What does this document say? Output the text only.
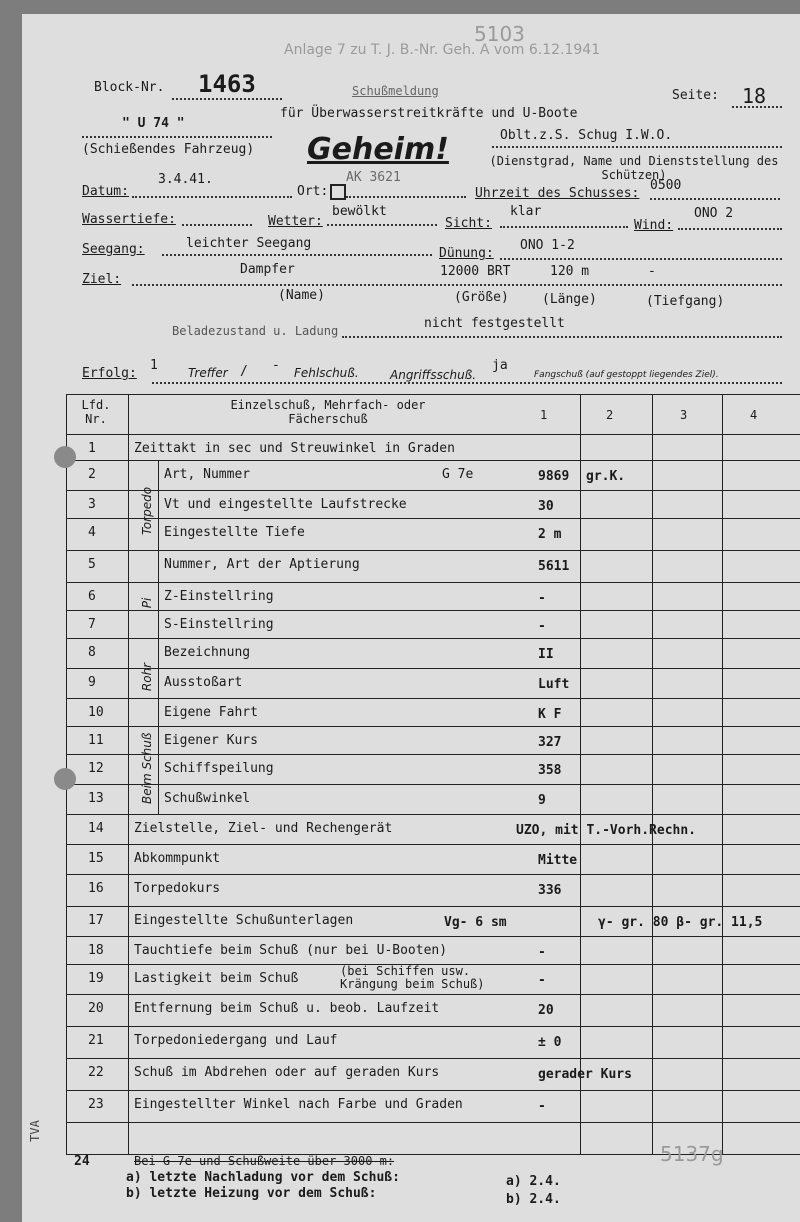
Anlage 7 zu T. J. B.-Nr. Geh. A vom 6.12.1941
5103
Block-Nr. 1463	Schußmeldung
für Überwasserstreitkräfte und U-Boote
Seite: 18
" U 74 "
(Schießendes Fahrzeug) Geheim!	Oblt.z.S. Schug I.W.O.
(Dienstgrad, Name und Dienststellung des Schützen)
Datum:
3.4.41.
Ort:
AK 3621
Uhrzeit des Schusses:
0500
Wassertiefe:	Wetter:
bewölkt
Sicht:
klar
Wind:
ONO 2
Seegang:	leichter Seegang
Dünung:
ONO 1-2
Ziel:
Dampfer	12000 BRT	120 m	-
(Name)	(Größe)	(Länge)	(Tiefgang)
Beladezustand u. Ladung	nicht festgestellt
Erfolg:
1	Treffer / - Fehlschuß.	Angriffsschuß.
ja
Fangschuß (auf gestoppt liegendes Ziel).
Lfd. Nr.
Einzelschuß, Mehrfach- oder Fächerschuß	1	2	3	4
1	Zeittakt in sec und Streuwinkel in Graden
2	Art, Nummer	G 7e	9869 gr.K.
3	Vt und eingestellte Laufstrecke	30
4	Eingestellte Tiefe	2 m
5	Nummer, Art der Aptierung	5611
6	Z-Einstellring	-
7	S-Einstellring	-
8	Bezeichnung	II
9	Ausstoßart	Luft
10	Eigene Fahrt	K F
11	Eigener Kurs	327
12	Schiffspeilung	358
13	Schußwinkel	9
14 Zielstelle, Ziel- und Rechengerät	UZO, mit T.-Vorh.Rechn.
15 Abkommpunkt	Mitte
16 Torpedokurs	336
17 Eingestellte Schußunterlagen	Vg- 6 sm	γ- gr. 80 β- gr. 11,5
18 Tauchtiefe beim Schuß (nur bei U-Booten)	-
19 Lastigkeit beim Schuß	(bei Schiffen usw. Krängung beim Schuß)	-
20 Entfernung beim Schuß u. beob. Laufzeit	20
21 Torpedoniedergang und Lauf	± 0
22 Schuß im Abdrehen oder auf geraden Kurs	gerader Kurs
23 Eingestellter Winkel nach Farbe und Graden	-
Torpedo
Pi
Rohr
Beim Schuß
24	Bei G 7e und Schußweite über 3000 m:
a) letzte Nachladung vor dem Schuß:
b) letzte Heizung vor dem Schuß:
a) 2.4.
b) 2.4.
5137g
TVA
